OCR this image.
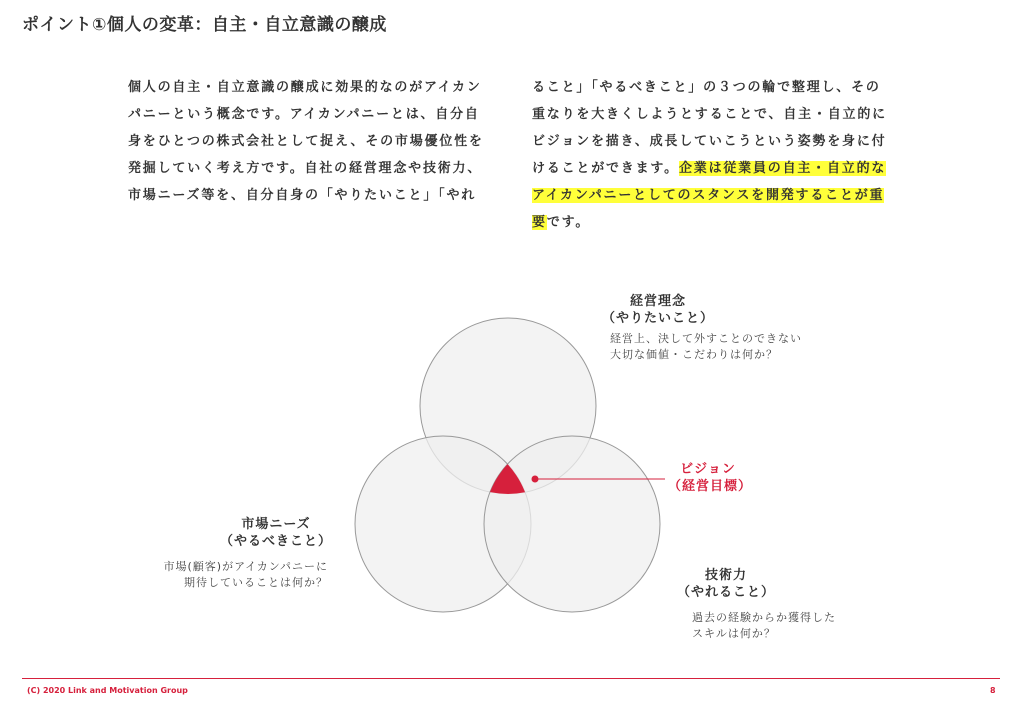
ポイント①個人の変革：自主・自立意識の醸成
個人の自主・自立意識の醸成に効果的なのがアイカン
パニーという概念です。アイカンパニーとは、自分自
身をひとつの株式会社として捉え、その市場優位性を
発掘していく考え方です。自社の経営理念や技術力、
市場ニーズ等を、自分自身の「やりたいこと」「やれ
ること」「やるべきこと」の３つの輪で整理し、その
重なりを大きくしようとすることで、自主・自立的に
ビジョンを描き、成長していこうという姿勢を身に付
けることができます。企業は従業員の自主・自立的な
アイカンパニーとしてのスタンスを開発することが重
要です。
経営理念
（やりたいこと）
経営上、決して外すことのできない
大切な価値・こだわりは何か？
市場ニーズ
（やるべきこと）
市場(顧客)がアイカンパニーに
期待していることは何か？	技術力
（やれること）
過去の経験からか獲得した
スキルは何か？
ビジョン
（経営目標）
(C) 2020 Link and Motivation Group	8
